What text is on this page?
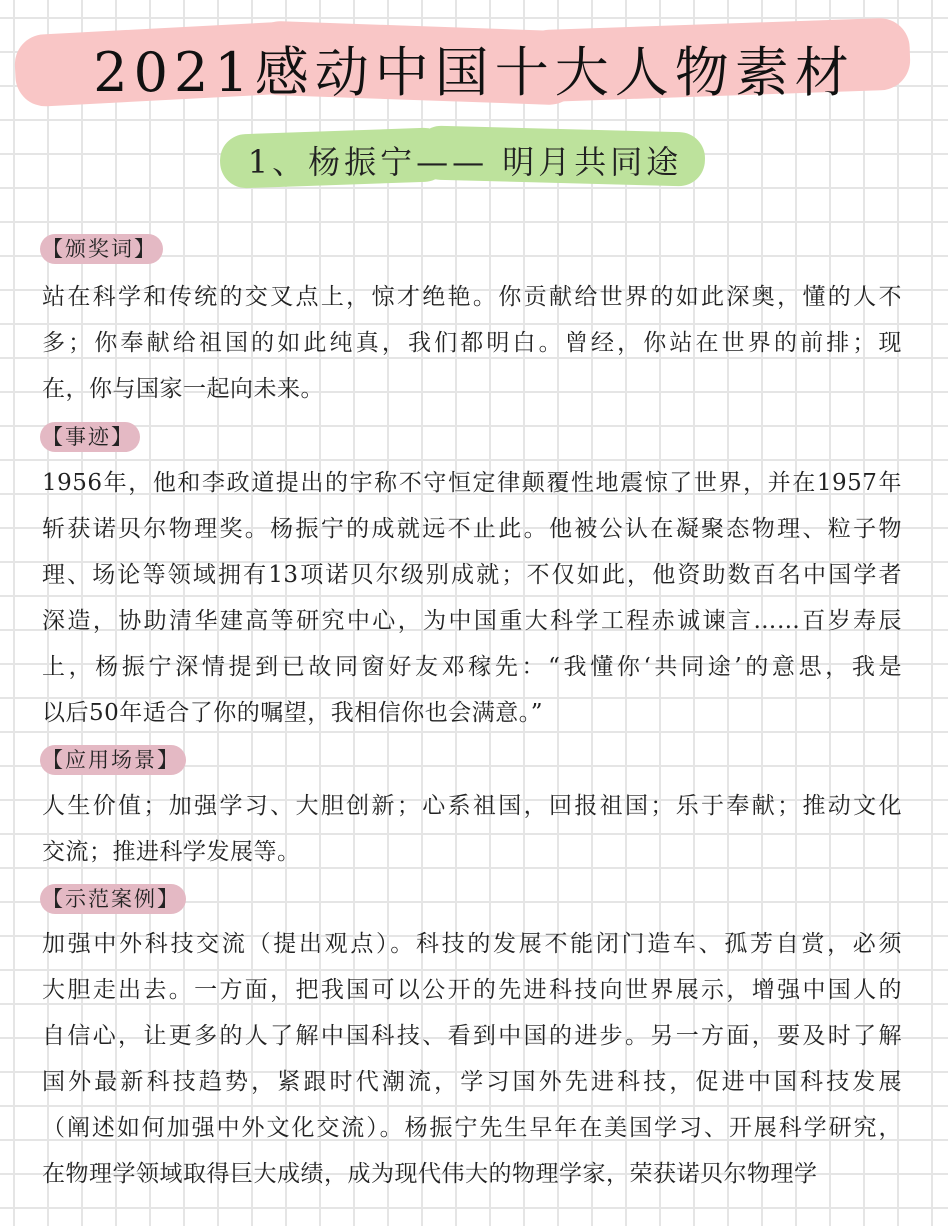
2021感动中国十大人物素材
1、杨振宁—— 明月共同途
【颁奖词】
站在科学和传统的交叉点上，惊才绝艳。你贡献给世界的如此深奥，懂的人不
多；你奉献给祖国的如此纯真，我们都明白。曾经，你站在世界的前排；现
在，你与国家一起向未来。
【事迹】
1956年，他和李政道提出的宇称不守恒定律颠覆性地震惊了世界，并在1957年
斩获诺贝尔物理奖。杨振宁的成就远不止此。他被公认在凝聚态物理、粒子物
理、场论等领域拥有13项诺贝尔级别成就；不仅如此，他资助数百名中国学者
深造，协助清华建高等研究中心，为中国重大科学工程赤诚谏言……百岁寿辰
上，杨振宁深情提到已故同窗好友邓稼先：“我懂你‘共同途’的意思，我是
以后50年适合了你的嘱望，我相信你也会满意。”
【应用场景】
人生价值；加强学习、大胆创新；心系祖国，回报祖国；乐于奉献；推动文化
交流；推进科学发展等。
【示范案例】
加强中外科技交流（提出观点）。科技的发展不能闭门造车、孤芳自赏，必须
大胆走出去。一方面，把我国可以公开的先进科技向世界展示，增强中国人的
自信心，让更多的人了解中国科技、看到中国的进步。另一方面，要及时了解
国外最新科技趋势，紧跟时代潮流，学习国外先进科技，促进中国科技发展
（阐述如何加强中外文化交流）。杨振宁先生早年在美国学习、开展科学研究，
在物理学领域取得巨大成绩，成为现代伟大的物理学家，荣获诺贝尔物理学
